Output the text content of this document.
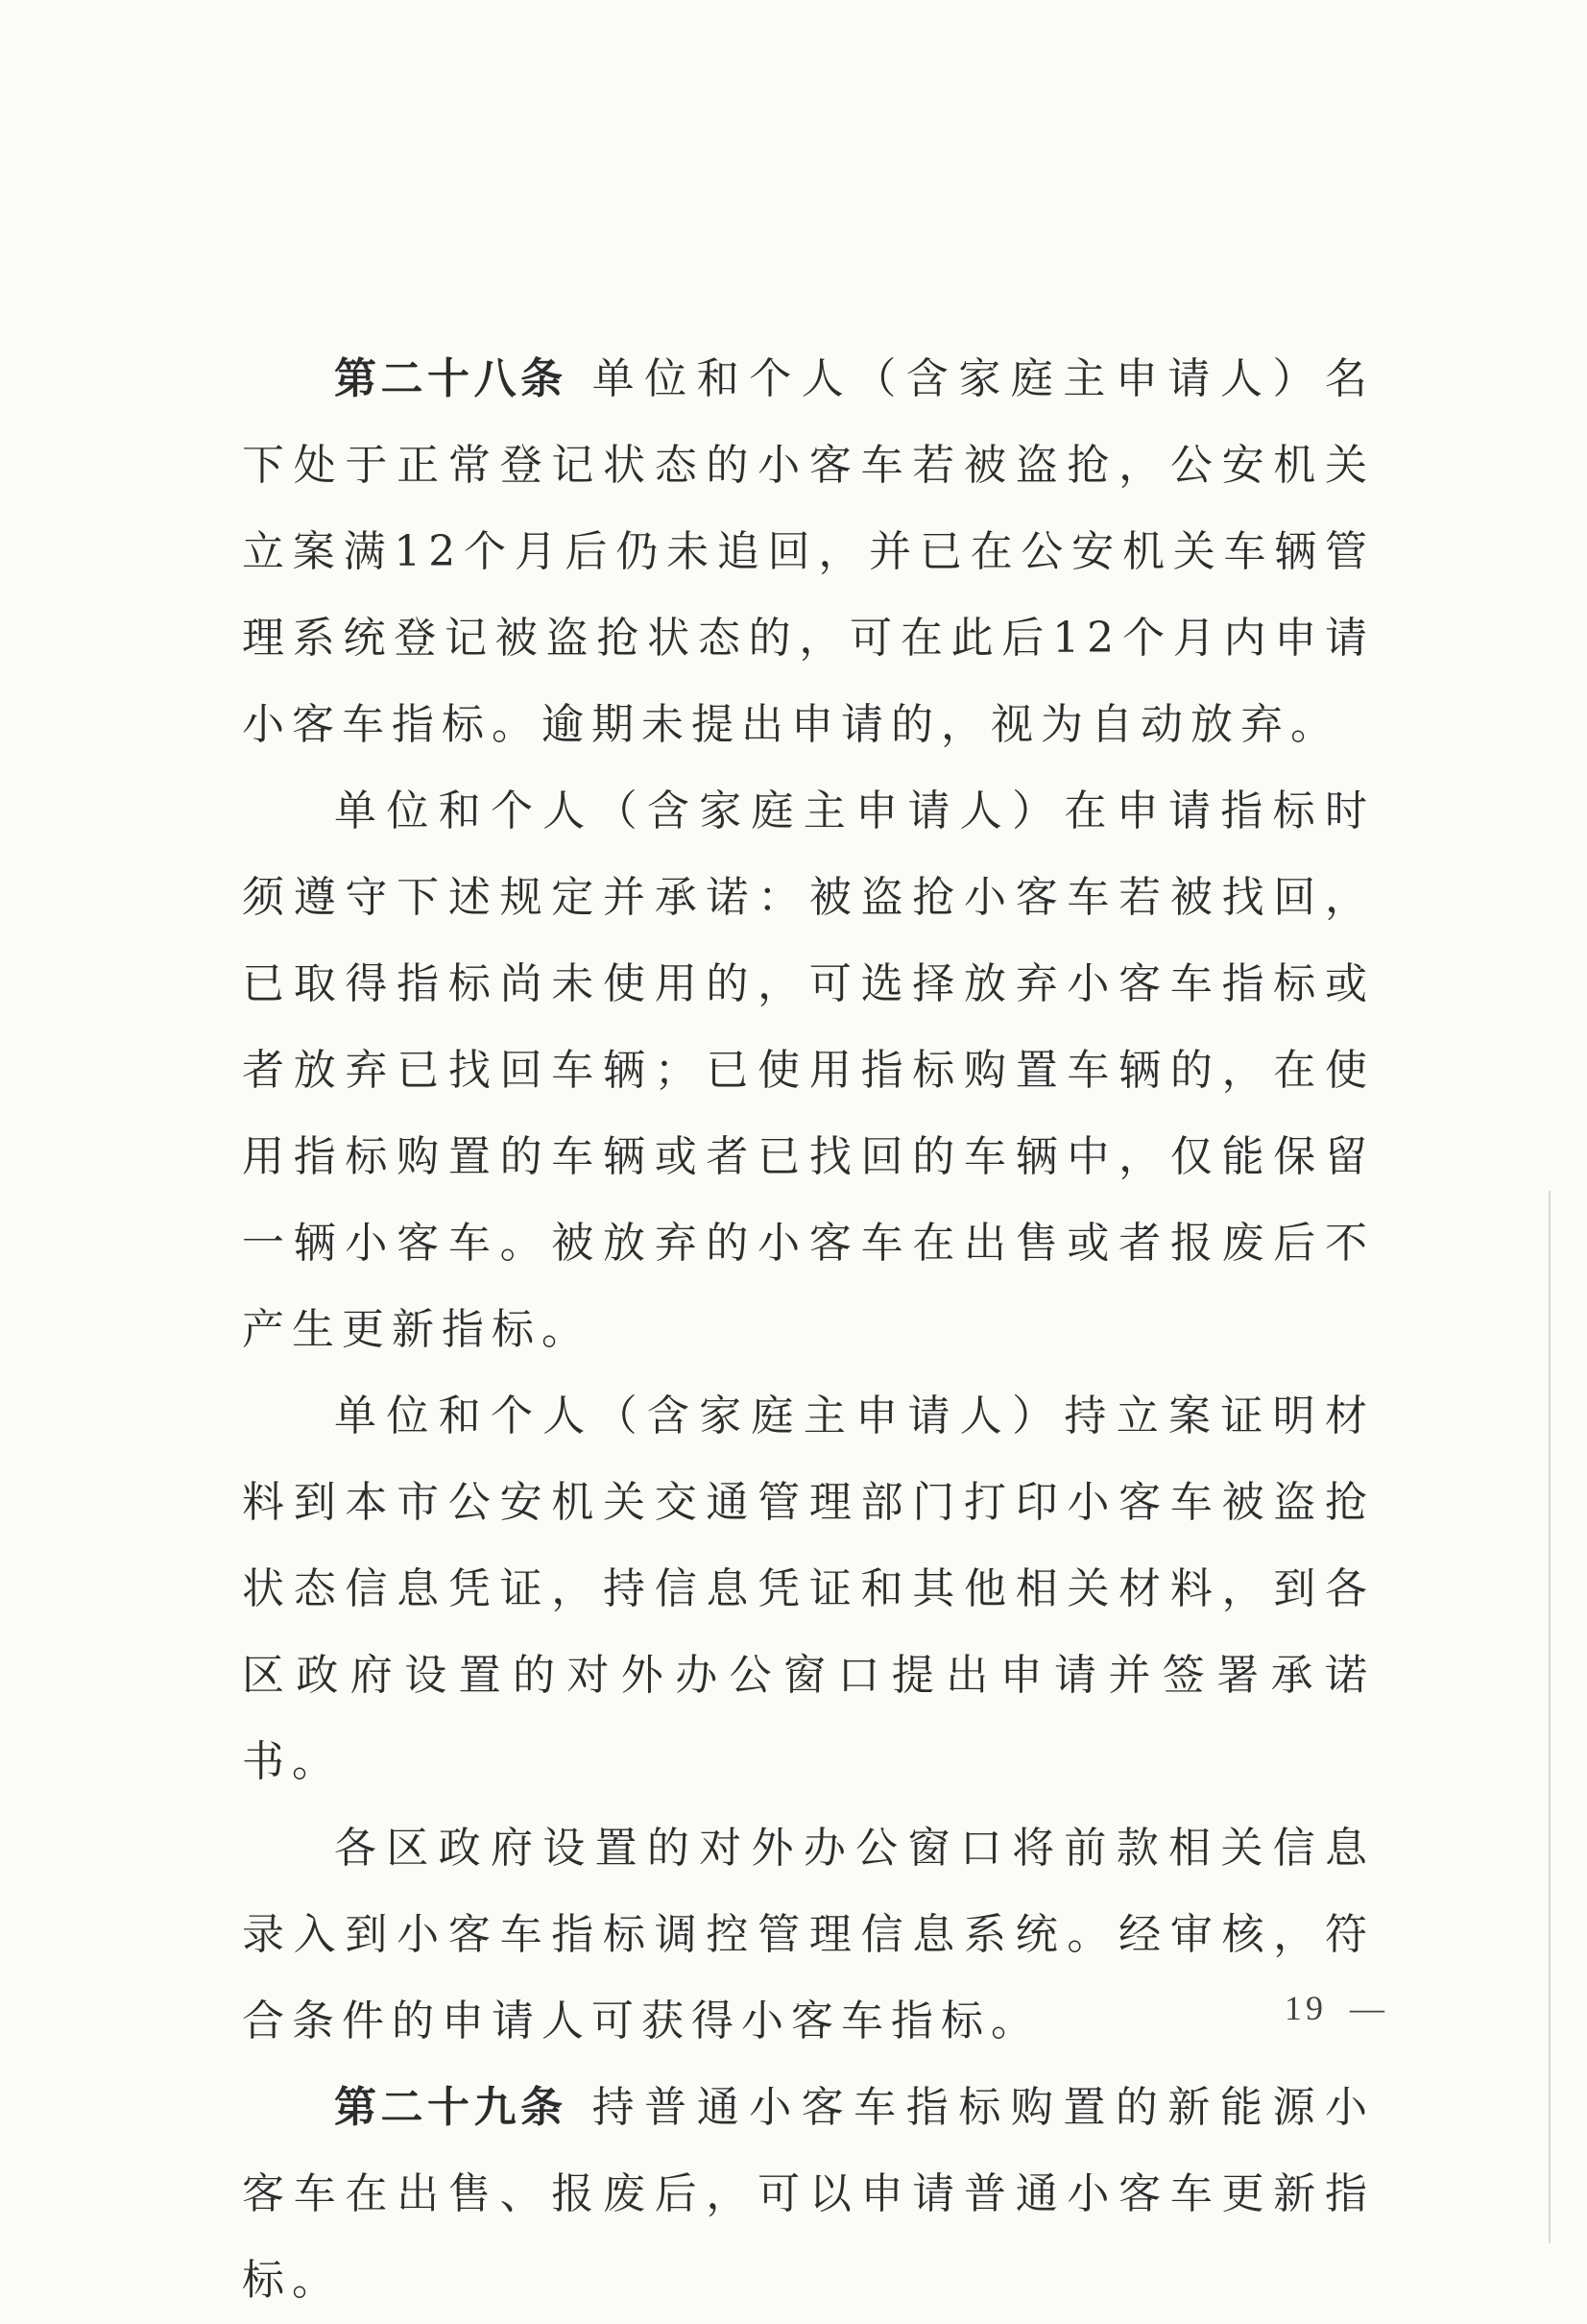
第二十八条 单位和个人（含家庭主申请人）名下处于正常登记状态的小客车若被盗抢，公安机关立案满12个月后仍未追回，并已在公安机关车辆管理系统登记被盗抢状态的，可在此后12个月内申请小客车指标。逾期未提出申请的，视为自动放弃。

单位和个人（含家庭主申请人）在申请指标时须遵守下述规定并承诺：被盗抢小客车若被找回，已取得指标尚未使用的，可选择放弃小客车指标或者放弃已找回车辆；已使用指标购置车辆的，在使用指标购置的车辆或者已找回的车辆中，仅能保留一辆小客车。被放弃的小客车在出售或者报废后不产生更新指标。

单位和个人（含家庭主申请人）持立案证明材料到本市公安机关交通管理部门打印小客车被盗抢状态信息凭证，持信息凭证和其他相关材料，到各区政府设置的对外办公窗口提出申请并签署承诺书。

各区政府设置的对外办公窗口将前款相关信息录入到小客车指标调控管理信息系统。经审核，符合条件的申请人可获得小客车指标。

第二十九条 持普通小客车指标购置的新能源小客车在出售、报废后，可以申请普通小客车更新指标。

19 —
